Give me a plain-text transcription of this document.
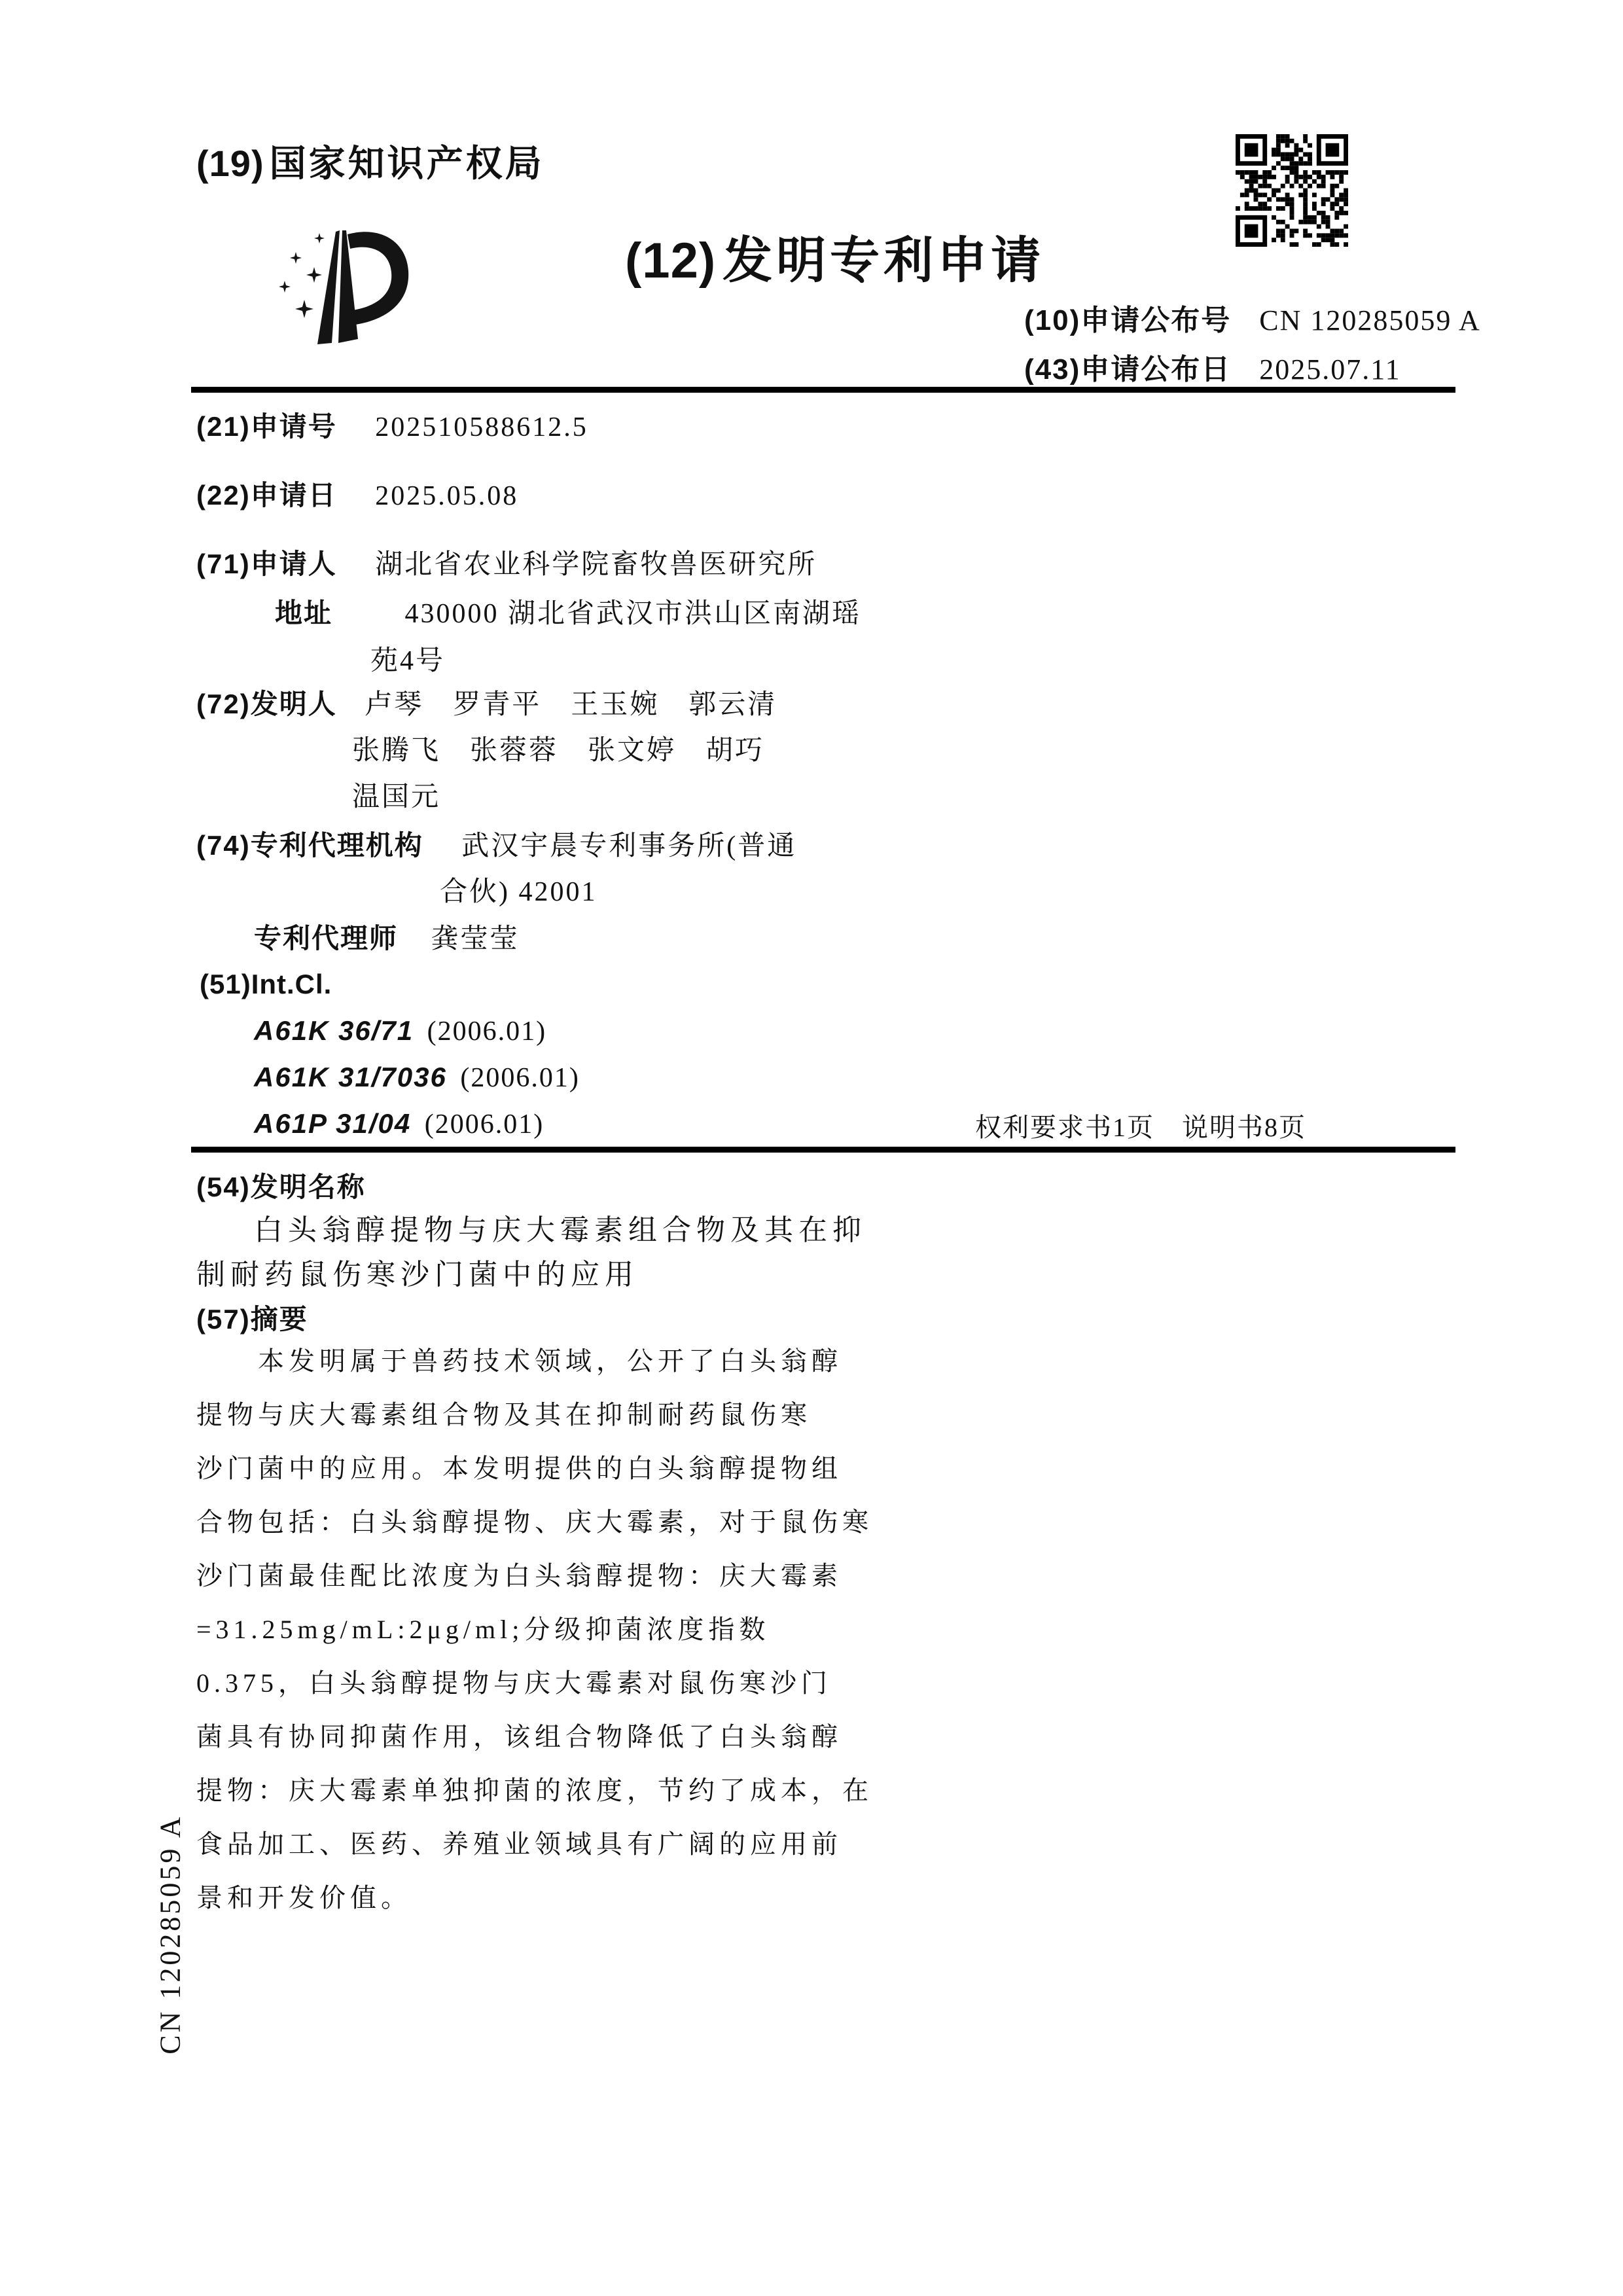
(19) 国家知识产权局
(12) 发明专利申请
(10)申请公布号 CN 120285059 A
(43)申请公布日 2025.07.11
(21)申请号 202510588612.5
(22)申请日 2025.05.08
(71)申请人 湖北省农业科学院畜牧兽医研究所
地址	430000 湖北省武汉市洪山区南湖瑶
苑4号
(72)发明人 卢琴　罗青平　王玉婉　郭云清
张腾飞　张蓉蓉　张文婷　胡巧
温国元
(74)专利代理机构 武汉宇晨专利事务所(普通
合伙) 42001
专利代理师 龚莹莹
(51)Int.Cl.
A61K 36/71 (2006.01)
A61K 31/7036 (2006.01)
A61P 31/04 (2006.01)	权利要求书1页　说明书8页
(54)发明名称
白头翁醇提物与庆大霉素组合物及其在抑
制耐药鼠伤寒沙门菌中的应用
(57)摘要
本发明属于兽药技术领域，公开了白头翁醇
提物与庆大霉素组合物及其在抑制耐药鼠伤寒
沙门菌中的应用。本发明提供的白头翁醇提物组
合物包括：白头翁醇提物、庆大霉素，对于鼠伤寒
沙门菌最佳配比浓度为白头翁醇提物：庆大霉素
=31.25mg/mL:2μg/ml;分级抑菌浓度指数
0.375，白头翁醇提物与庆大霉素对鼠伤寒沙门
菌具有协同抑菌作用，该组合物降低了白头翁醇
提物：庆大霉素单独抑菌的浓度，节约了成本，在
食品加工、医药、养殖业领域具有广阔的应用前
景和开发价值。
CN 120285059 A
